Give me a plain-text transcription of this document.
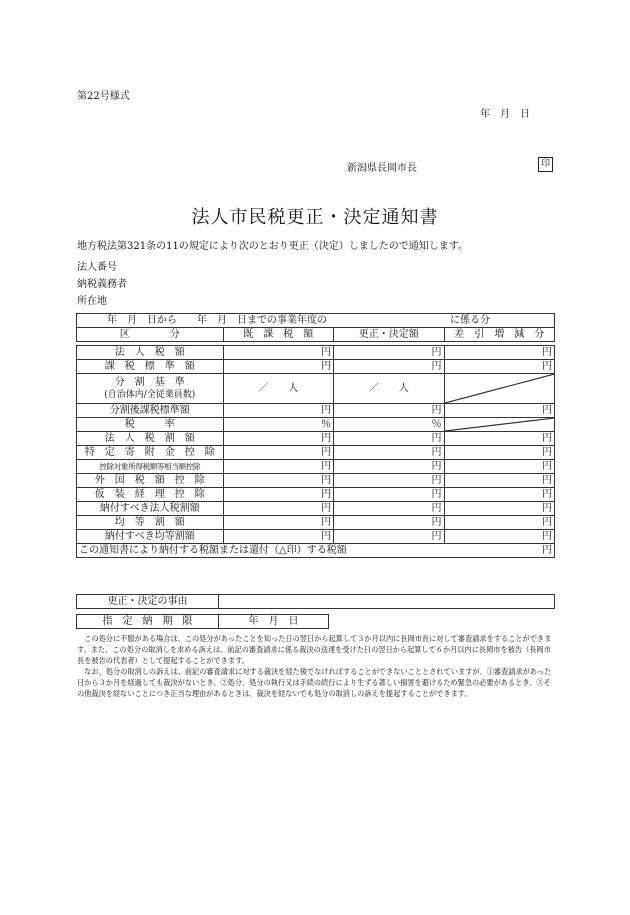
第22号様式
年　月　日
新潟県長岡市長	印
法人市民税更正・決定通知書
地方税法第321条の11の規定により次のとおり更正（決定）しましたので通知します。
法人番号
納税義務者
所在地
年　月　日から　　年　月　日までの事業年度の			に係る分
区　　　　分	既　課　税　額	更正・決定額	差　引　増　減　分

法　人　税　額	円	円	円
課　税　標　準　額	円	円	円

分　割　基　準
(自治体内/全従業員数)	／　　人	／　　人	

分割後課税標準額	円	円	円
税　　　率	％	％	

法　人　税　割　額	円	円	円
特　定　寄　附　金　控　除	円	円	円
控除対象所得税額等相当額控除	円	円	円
外　国　税　額　控　除	円	円	円
仮　装　経　理　控　除	円	円	円
納付すべき法人税割額	円	円	円
均　等　割　額	円	円	円
納付すべき均等割額	円	円	円
この通知書により納付する税額または還付（△印）する税額			円
更正・決定の事由	
指　定　納　期　限	年　月　日

この処分に不服がある場合は、この処分があったことを知った日の翌日から起算して３か月以内に長岡市長に対して審査請求をすることができます。また、この処分の取消しを求める訴えは、前記の審査請求に係る裁決の送達を受けた日の翌日から起算して６か月以内に長岡市を被告（長岡市長を被告の代表者）として提起することができます。

なお、処分の取消しの訴えは、前記の審査請求に対する裁決を経た後でなければすることができないこととされていますが、①審査請求があった日から３か月を経過しても裁決がないとき、②処分、処分の執行又は手続の続行により生ずる著しい損害を避けるため緊急の必要があるとき、③その他裁決を経ないことにつき正当な理由があるときは、裁決を経ないでも処分の取消しの訴えを提起することができます。
